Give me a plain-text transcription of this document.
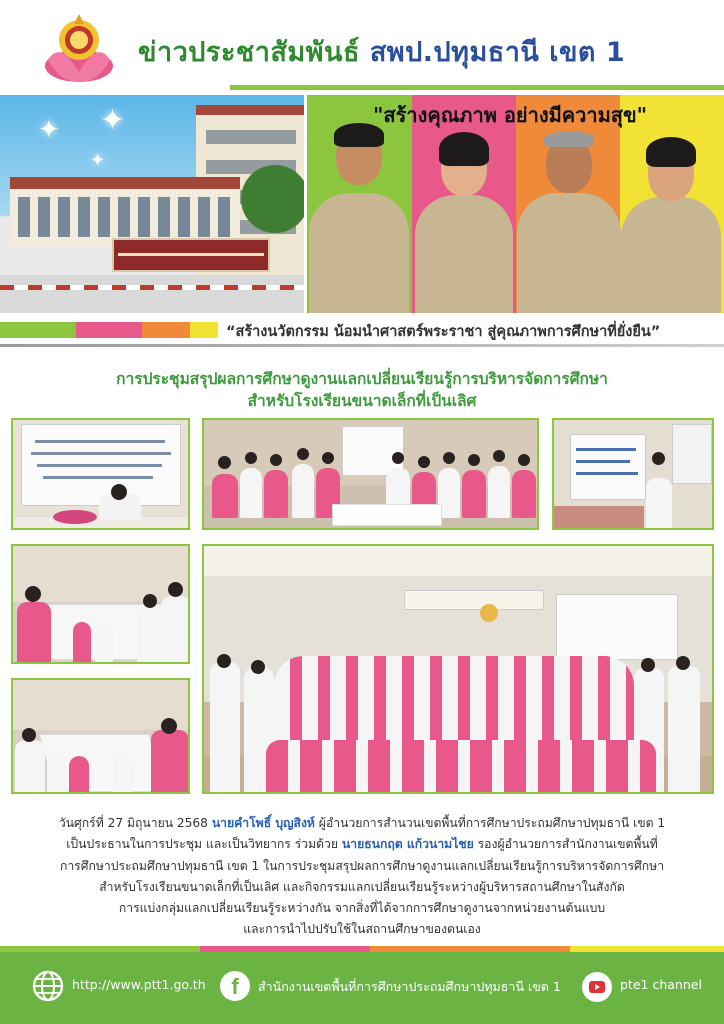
ข่าวประชาสัมพันธ์ สพป.ปทุมธานี เขต 1
✦ ✦
✦
"สร้างคุณภาพ อย่างมีความสุข"
“สร้างนวัตกรรม น้อมนำศาสตร์พระราชา สู่คุณภาพการศึกษาที่ยั่งยืน”
การประชุมสรุปผลการศึกษาดูงานแลกเปลี่ยนเรียนรู้การบริหารจัดการศึกษา
สำหรับโรงเรียนขนาดเล็กที่เป็นเลิศ
วันศุกร์ที่ 27 มิถุนายน 2568 นายคำโพธิ์ บุญสิงห์ ผู้อำนวยการสำนวนเขตพื้นที่การศึกษาประถมศึกษาปทุมธานี เขต 1
เป็นประธานในการประชุม และเป็นวิทยากร ร่วมด้วย นายธนกฤต แก้วนามไชย รองผู้อำนวยการสำนักงานเขตพื้นที่
การศึกษาประถมศึกษาปทุมธานี เขต 1 ในการประชุมสรุปผลการศึกษาดูงานแลกเปลี่ยนเรียนรู้การบริหารจัดการศึกษา
สำหรับโรงเรียนขนาดเล็กที่เป็นเลิศ และกิจกรรมแลกเปลี่ยนเรียนรู้ระหว่างผู้บริหารสถานศึกษาในสังกัด
การแบ่งกลุ่มแลกเปลี่ยนเรียนรู้ระหว่างกัน จากสิ่งที่ได้จากการศึกษาดูงานจากหน่วยงานต้นแบบ
และการนำไปปรับใช้ในสถานศึกษาของตนเอง
http://www.ptt1.go.th	f	สำนักงานเขตพื้นที่การศึกษาประถมศึกษาปทุมธานี เขต 1	pte1 channel
